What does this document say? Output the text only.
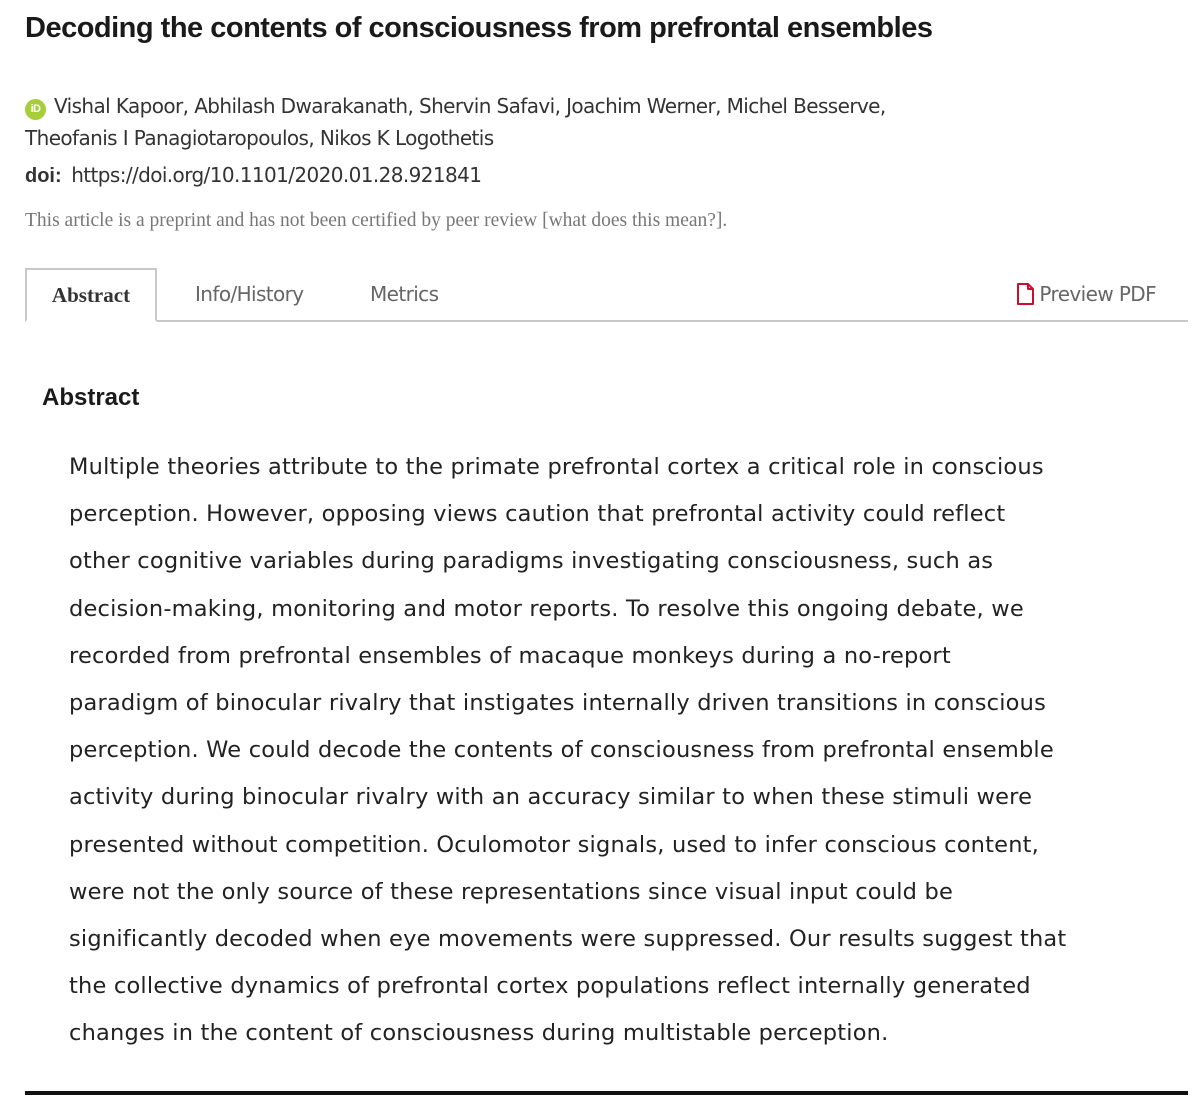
Decoding the contents of consciousness from prefrontal ensembles
iD Vishal Kapoor, Abhilash Dwarakanath, Shervin Safavi, Joachim Werner, Michel Besserve,
Theofanis I Panagiotaropoulos, Nikos K Logothetis
doi: https://doi.org/10.1101/2020.01.28.921841
This article is a preprint and has not been certified by peer review [what does this mean?].
Abstract	Info/History	Metrics	Preview PDF
Abstract

Multiple theories attribute to the primate prefrontal cortex a critical role in conscious
perception. However, opposing views caution that prefrontal activity could reflect
other cognitive variables during paradigms investigating consciousness, such as
decision-making, monitoring and motor reports. To resolve this ongoing debate, we
recorded from prefrontal ensembles of macaque monkeys during a no-report
paradigm of binocular rivalry that instigates internally driven transitions in conscious
perception. We could decode the contents of consciousness from prefrontal ensemble
activity during binocular rivalry with an accuracy similar to when these stimuli were
presented without competition. Oculomotor signals, used to infer conscious content,
were not the only source of these representations since visual input could be
significantly decoded when eye movements were suppressed. Our results suggest that
the collective dynamics of prefrontal cortex populations reflect internally generated
changes in the content of consciousness during multistable perception.
